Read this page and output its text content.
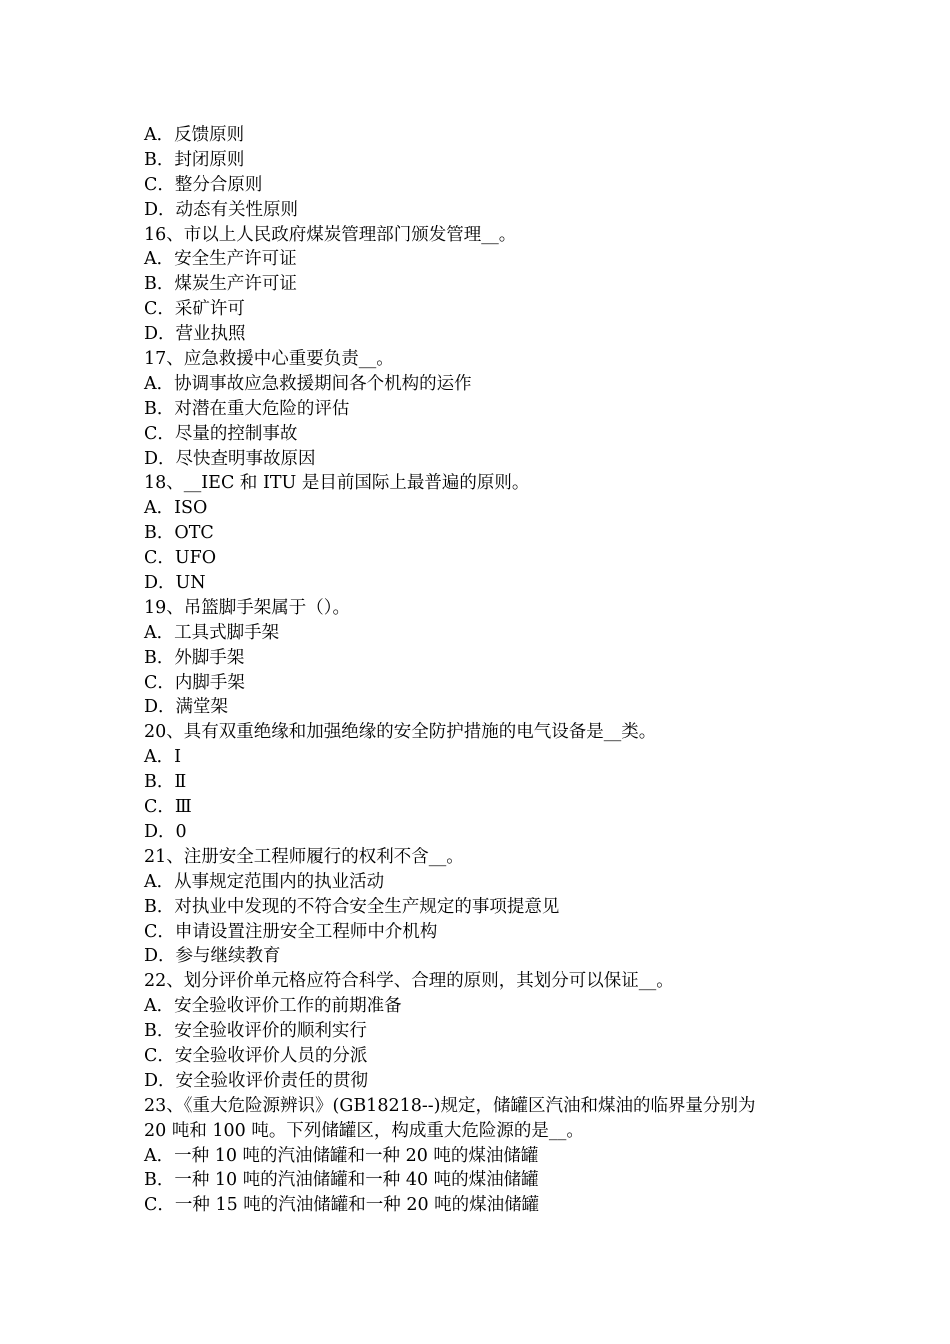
A．反馈原则
B．封闭原则
C．整分合原则
D．动态有关性原则
16、市以上人民政府煤炭管理部门颁发管理__。
A．安全生产许可证
B．煤炭生产许可证
C．采矿许可
D．营业执照
17、应急救援中心重要负责__。
A．协调事故应急救援期间各个机构的运作
B．对潜在重大危险的评估
C．尽量的控制事故
D．尽快查明事故原因
18、__IEC 和 ITU 是目前国际上最普遍的原则。
A．ISO
B．OTC
C．UFO
D．UN
19、吊篮脚手架属于（）。
A．工具式脚手架
B．外脚手架
C．内脚手架
D．满堂架
20、具有双重绝缘和加强绝缘的安全防护措施的电气设备是__类。
A．Ⅰ
B．Ⅱ
C．Ⅲ
D．0
21、注册安全工程师履行的权利不含__。
A．从事规定范围内的执业活动
B．对执业中发现的不符合安全生产规定的事项提意见
C．申请设置注册安全工程师中介机构
D．参与继续教育
22、划分评价单元格应符合科学、合理的原则，其划分可以保证__。
A．安全验收评价工作的前期准备
B．安全验收评价的顺利实行
C．安全验收评价人员的分派
D．安全验收评价责任的贯彻
23、《重大危险源辨识》(GB18218--)规定，储罐区汽油和煤油的临界量分别为
20 吨和 100 吨。下列储罐区，构成重大危险源的是__。
A．一种 10 吨的汽油储罐和一种 20 吨的煤油储罐
B．一种 10 吨的汽油储罐和一种 40 吨的煤油储罐
C．一种 15 吨的汽油储罐和一种 20 吨的煤油储罐
